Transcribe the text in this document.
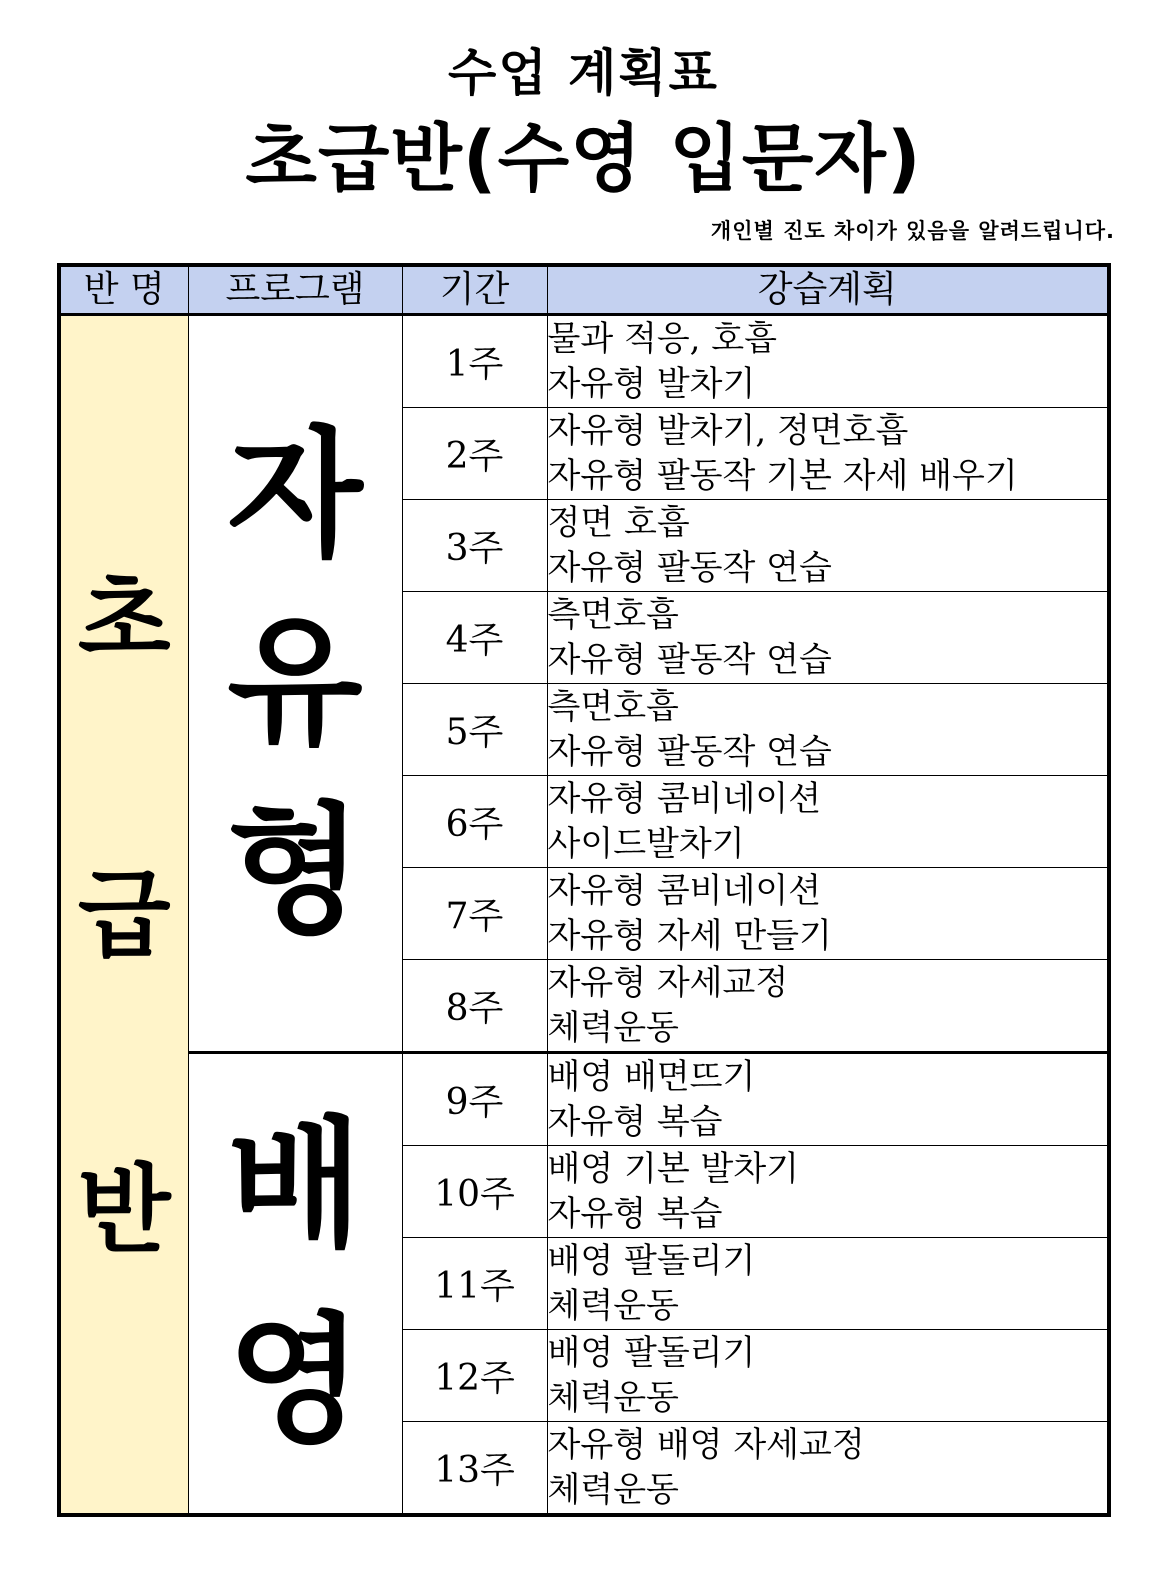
수업 계획표
초급반(수영 입문자)
개인별 진도 차이가 있음을 알려드립니다.
반 명	프로그램	기간	강습계획

초
급
반	자
유
형	1주	물과 적응, 호흡
자유형 발차기

		2주	자유형 발차기, 정면호흡
자유형 팔동작 기본 자세 배우기

		3주	정면 호흡
자유형 팔동작 연습

		4주	측면호흡
자유형 팔동작 연습

		5주	측면호흡
자유형 팔동작 연습

		6주	자유형 콤비네이션
사이드발차기

		7주	자유형 콤비네이션
자유형 자세 만들기

		8주	자유형 자세교정
체력운동

	배
영	9주	배영 배면뜨기
자유형 복습

		10주	배영 기본 발차기
자유형 복습

		11주	배영 팔돌리기
체력운동

		12주	배영 팔돌리기
체력운동

		13주	자유형 배영 자세교정
체력운동
